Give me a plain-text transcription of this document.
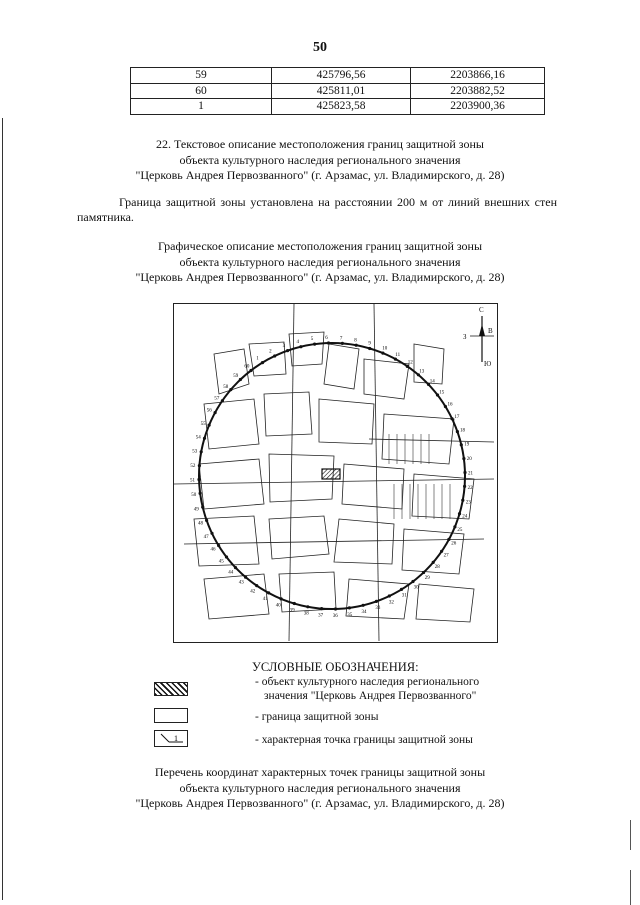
50
59	425796,56	2203866,16
60	425811,01	2203882,52
1	425823,58	2203900,36
22. Текстовое описание местоположения границ защитной зоны
объекта культурного наследия регионального значения
"Церковь Андрея Первозванного" (г. Арзамас, ул. Владимирского, д. 28)
Граница защитной зоны установлена на расстоянии 200 м от линий внешних стен памятника.
Графическое описание местоположения границ защитной зоны
объекта культурного наследия регионального значения
"Церковь Андрея Первозванного" (г. Арзамас, ул. Владимирского, д. 28)
1
2
3
4
5 6 7 8
9
10
11
12
13
14
15
16
17
18
19
20
21
22
23
24
25
26
27
28
29
30
31
32
33
34
35
36
37
38
39
40
41
42
43
44
45
46
47
48
49
50
51
52
53
54
55
56
57
58
59
60
С
З
В
Ю
УСЛОВНЫЕ ОБОЗНАЧЕНИЯ:
- объект культурного наследия регионального
значения "Церковь Андрея Первозванного"
- граница защитной зоны
1	- характерная точка границы защитной зоны
Перечень координат характерных точек границы защитной зоны
объекта культурного наследия регионального значения
"Церковь Андрея Первозванного" (г. Арзамас, ул. Владимирского, д. 28)
